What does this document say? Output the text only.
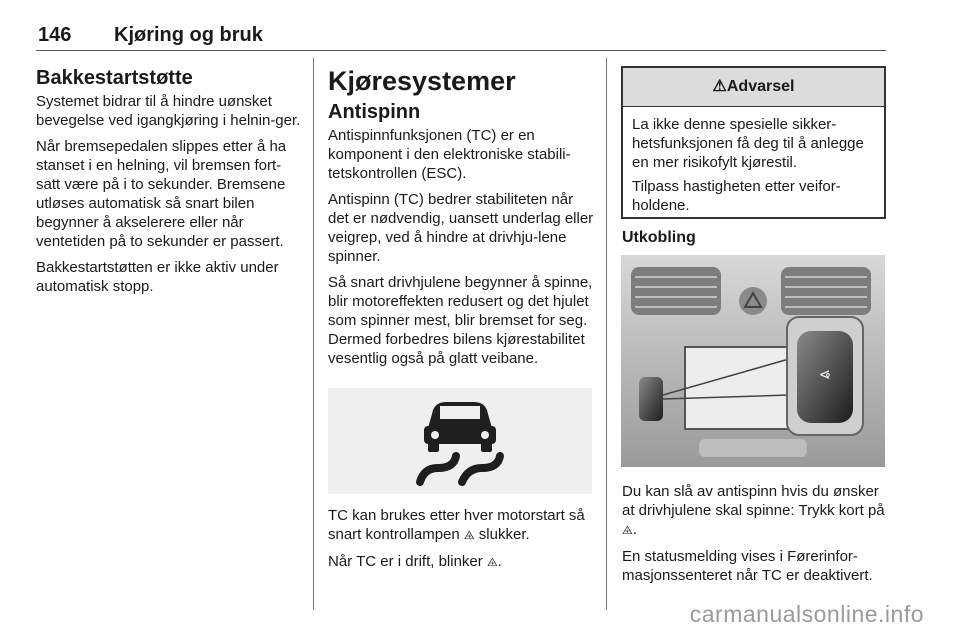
146 Kjøring og bruk
Bakkestartstøtte

Systemet bidrar til å hindre uønsket bevegelse ved igangkjøring i helnin-ger.

Når bremsepedalen slippes etter å ha stanset i en helning, vil bremsen fort-satt være på i to sekunder. Bremsene utløses automatisk så snart bilen begynner å akselerere eller når ventetiden på to sekunder er passert.

Bakkestartstøtten er ikke aktiv under automatisk stopp.

Kjøresystemer
Antispinn

Antispinnfunksjonen (TC) er en komponent i den elektroniske stabili-tetskontrollen (ESC).

Antispinn (TC) bedrer stabiliteten når det er nødvendig, uansett underlag eller veigrep, ved å hindre at drivhju-lene spinner.

Så snart drivhjulene begynner å spinne, blir motoreffekten redusert og det hjulet som spinner mest, blir bremset for seg. Dermed forbedres bilens kjørestabilitet vesentlig også på glatt veibane.

TC kan brukes etter hver motorstart så snart kontrollampen ⨹ slukker.

Når TC er i drift, blinker ⨹.

⚠Advarsel

La ikke denne spesielle sikker-hetsfunksjonen få deg til å anlegge en mer risikofylt kjørestil.

Tilpass hastigheten etter veifor-holdene.

Utkobling
⩹

Du kan slå av antispinn hvis du ønsker at drivhjulene skal spinne: Trykk kort på ⨹.

En statusmelding vises i Førerinfor-masjonssenteret når TC er deaktivert.

carmanualsonline.info
